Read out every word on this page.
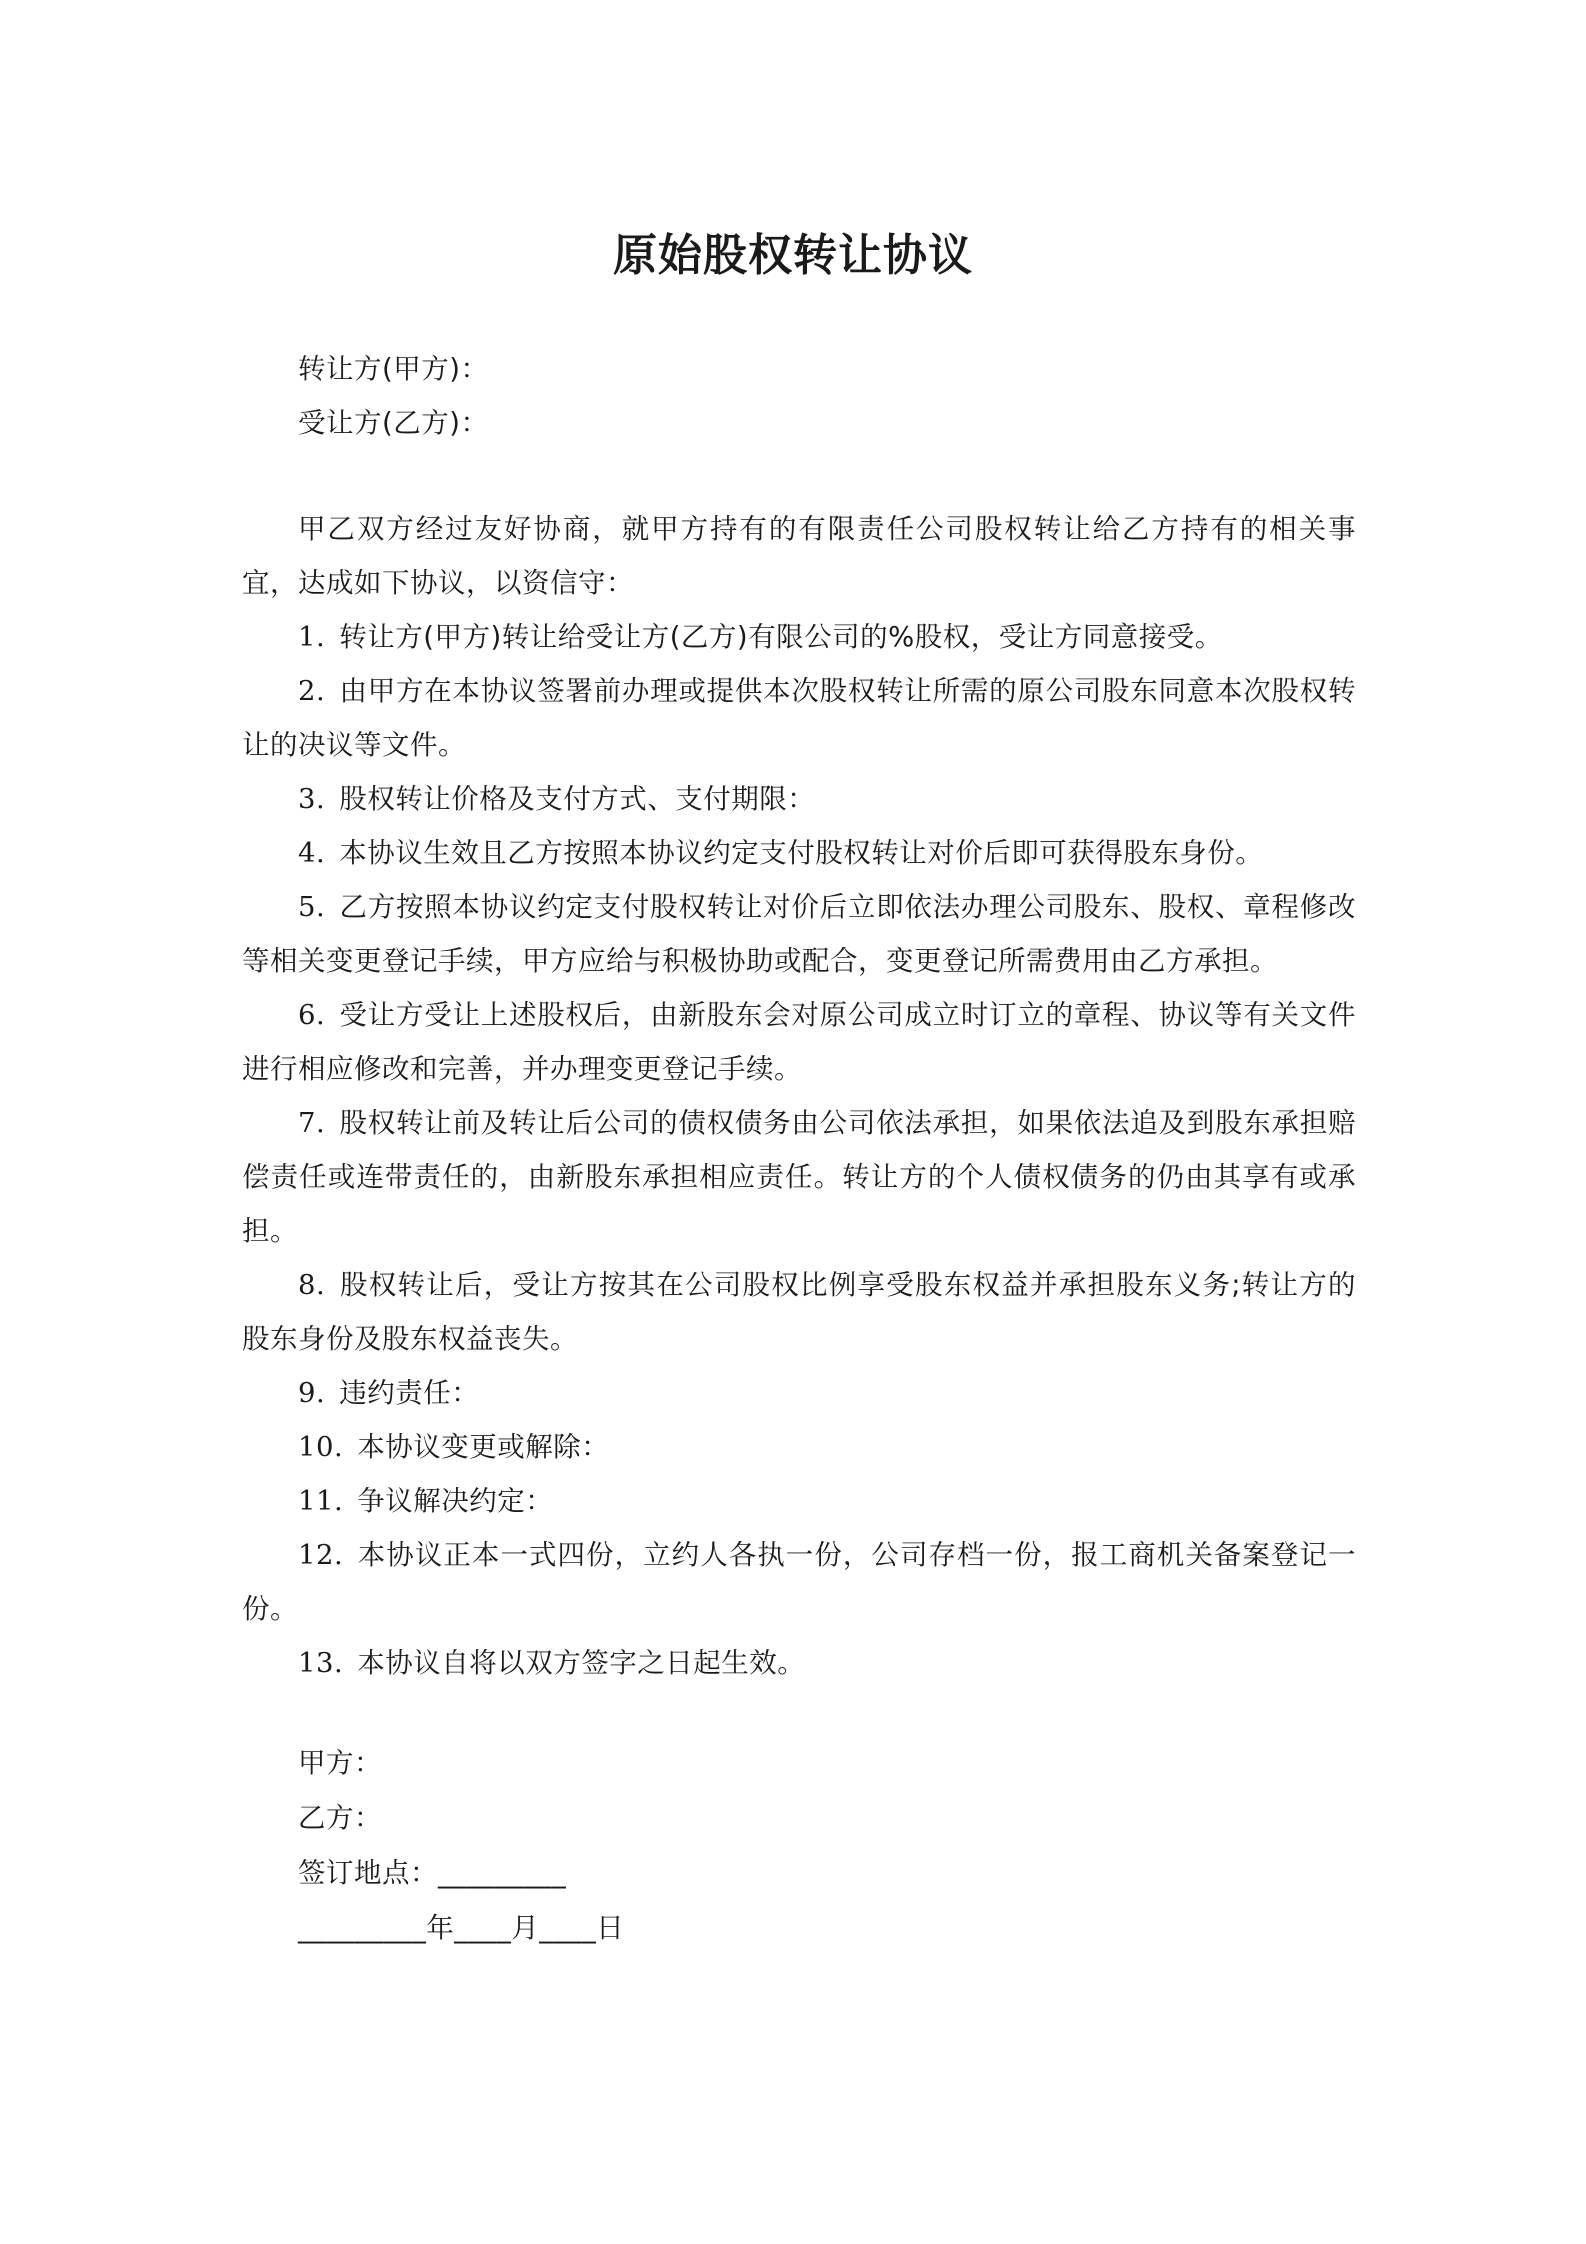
原始股权转让协议
转让方(甲方)：
受让方(乙方)：

甲乙双方经过友好协商，就甲方持有的有限责任公司股权转让给乙方持有的相关事宜，达成如下协议，以资信守：

1. 转让方(甲方)转让给受让方(乙方)有限公司的%股权，受让方同意接受。

2. 由甲方在本协议签署前办理或提供本次股权转让所需的原公司股东同意本次股权转让的决议等文件。

3. 股权转让价格及支付方式、支付期限：

4. 本协议生效且乙方按照本协议约定支付股权转让对价后即可获得股东身份。

5. 乙方按照本协议约定支付股权转让对价后立即依法办理公司股东、股权、章程修改等相关变更登记手续，甲方应给与积极协助或配合，变更登记所需费用由乙方承担。

6. 受让方受让上述股权后，由新股东会对原公司成立时订立的章程、协议等有关文件进行相应修改和完善，并办理变更登记手续。

7. 股权转让前及转让后公司的债权债务由公司依法承担，如果依法追及到股东承担赔偿责任或连带责任的，由新股东承担相应责任。转让方的个人债权债务的仍由其享有或承担。

8. 股权转让后，受让方按其在公司股权比例享受股东权益并承担股东义务;转让方的股东身份及股东权益丧失。

9. 违约责任：

10. 本协议变更或解除：

11. 争议解决约定：

12. 本协议正本一式四份，立约人各执一份，公司存档一份，报工商机关备案登记一份。

13. 本协议自将以双方签字之日起生效。

甲方：
乙方：
签订地点：_________
_________年____月____日
